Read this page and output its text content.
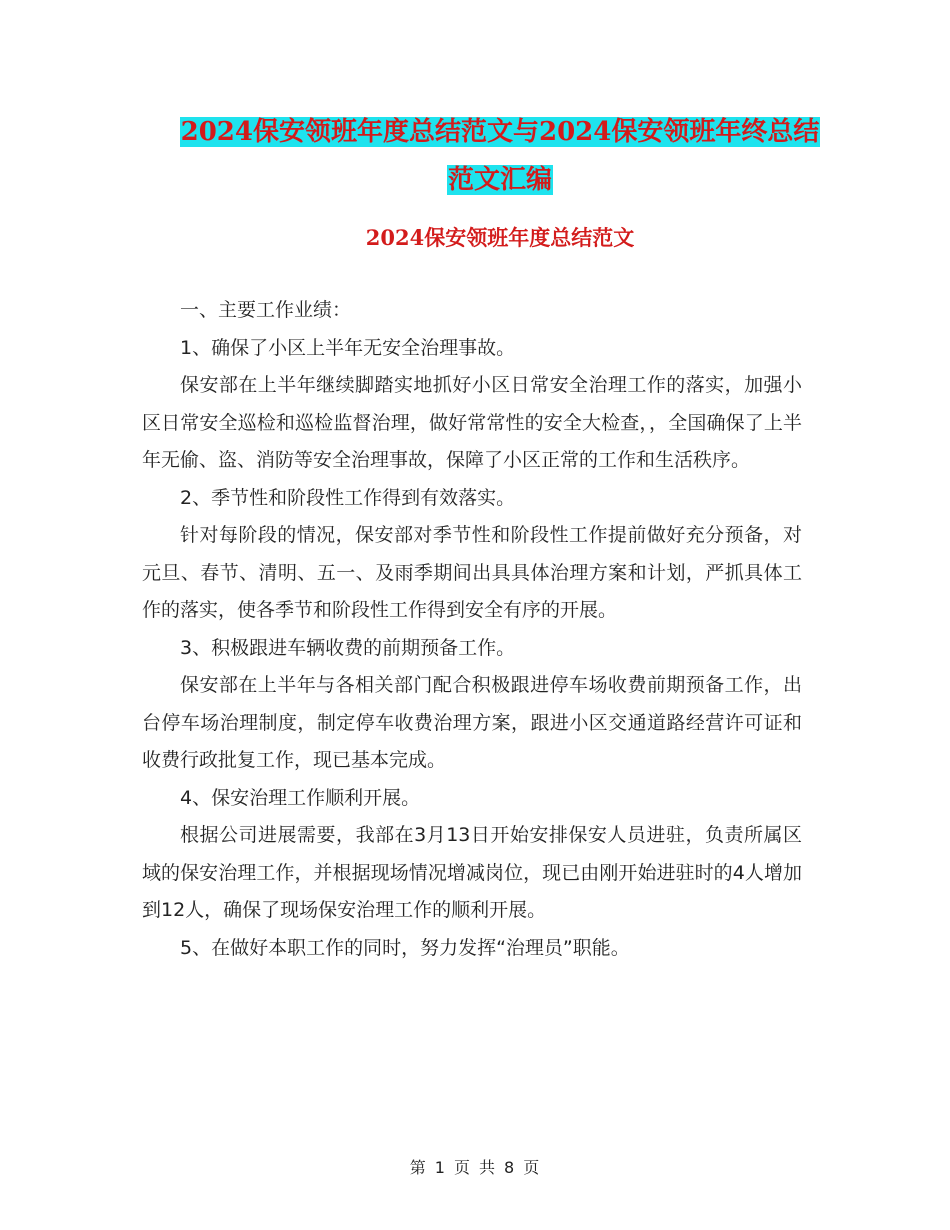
2024保安领班年度总结范文与2024保安领班年终总结
范文汇编
2024保安领班年度总结范文

一、主要工作业绩：

1、确保了小区上半年无安全治理事故。

保安部在上半年继续脚踏实地抓好小区日常安全治理工作的落实，加强小区日常安全巡检和巡检监督治理，做好常常性的安全大检查，，全国确保了上半年无偷、盗、消防等安全治理事故，保障了小区正常的工作和生活秩序。

2、季节性和阶段性工作得到有效落实。

针对每阶段的情况，保安部对季节性和阶段性工作提前做好充分预备，对元旦、春节、清明、五一、及雨季期间出具具体治理方案和计划，严抓具体工作的落实，使各季节和阶段性工作得到安全有序的开展。

3、积极跟进车辆收费的前期预备工作。

保安部在上半年与各相关部门配合积极跟进停车场收费前期预备工作，出台停车场治理制度，制定停车收费治理方案，跟进小区交通道路经营许可证和收费行政批复工作，现已基本完成。

4、保安治理工作顺利开展。

根据公司进展需要，我部在3月13日开始安排保安人员进驻，负责所属区域的保安治理工作，并根据现场情况增减岗位，现已由刚开始进驻时的4人增加到12人，确保了现场保安治理工作的顺利开展。

5、在做好本职工作的同时，努力发挥“治理员”职能。

第 1 页 共 8 页
